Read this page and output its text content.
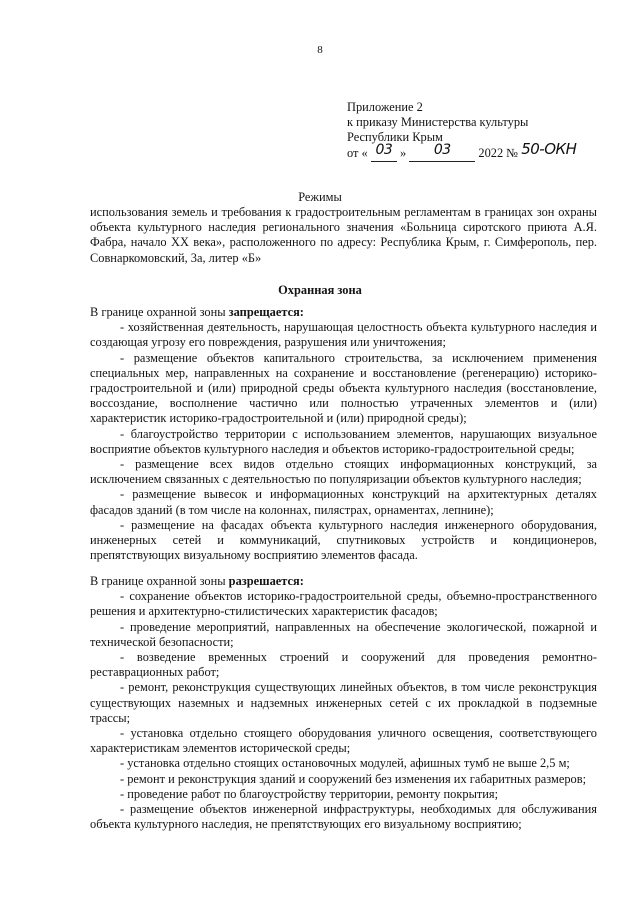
8
Приложение 2
к приказу Министерства культуры
Республики Крым
от « 03 » 03 2022 № 50-ОКН
Режимы
использования земель и требования к градостроительным регламентам в границах зон охраны объекта культурного наследия регионального значения «Больница сиротского приюта А.Я. Фабра, начало XX века», расположенного по адресу: Республика Крым, г. Симферополь, пер. Совнаркомовский, 3а, литер «Б»
Охранная зона
В границе охранной зоны запрещается:
- хозяйственная деятельность, нарушающая целостность объекта культурного наследия и создающая угрозу его повреждения, разрушения или уничтожения;
- размещение объектов капитального строительства, за исключением применения специальных мер, направленных на сохранение и восстановление (регенерацию) историко-градостроительной и (или) природной среды объекта культурного наследия (восстановление, воссоздание, восполнение частично или полностью утраченных элементов и (или) характеристик историко-градостроительной и (или) природной среды);
- благоустройство территории с использованием элементов, нарушающих визуальное восприятие объектов культурного наследия и объектов историко-градостроительной среды;
- размещение всех видов отдельно стоящих информационных конструкций, за исключением связанных с деятельностью по популяризации объектов культурного наследия;
- размещение вывесок и информационных конструкций на архитектурных деталях фасадов зданий (в том числе на колоннах, пилястрах, орнаментах, лепнине);
- размещение на фасадах объекта культурного наследия инженерного оборудования, инженерных сетей и коммуникаций, спутниковых устройств и кондиционеров, препятствующих визуальному восприятию элементов фасада.
В границе охранной зоны разрешается:
- сохранение объектов историко-градостроительной среды, объемно-пространственного решения и архитектурно-стилистических характеристик фасадов;
- проведение мероприятий, направленных на обеспечение экологической, пожарной и технической безопасности;
- возведение временных строений и сооружений для проведения ремонтно-реставрационных работ;
- ремонт, реконструкция существующих линейных объектов, в том числе реконструкция существующих наземных и надземных инженерных сетей с их прокладкой в подземные трассы;
- установка отдельно стоящего оборудования уличного освещения, соответствующего характеристикам элементов исторической среды;
- установка отдельно стоящих остановочных модулей, афишных тумб не выше 2,5 м;
- ремонт и реконструкция зданий и сооружений без изменения их габаритных размеров;
- проведение работ по благоустройству территории, ремонту покрытия;
- размещение объектов инженерной инфраструктуры, необходимых для обслуживания объекта культурного наследия, не препятствующих его визуальному восприятию;
